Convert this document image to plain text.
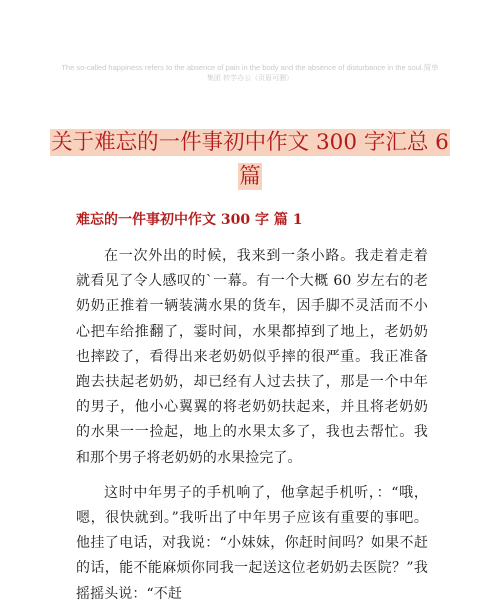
The so-called happiness refers to the absence of pain in the body and the absence of disturbance in the soul.简单
集团 转学办公（页眉可删）
关于难忘的一件事初中作文 300 字汇总 6
篇
难忘的一件事初中作文 300 字 篇 1

在一次外出的时候，我来到一条小路。我走着走着就看见了令人感叹的`一幕。有一个大概 60 岁左右的老奶奶正推着一辆装满水果的货车，因手脚不灵活而不小心把车给推翻了，霎时间，水果都掉到了地上，老奶奶也摔跤了，看得出来老奶奶似乎摔的很严重。我正准备跑去扶起老奶奶，却已经有人过去扶了，那是一个中年的男子，他小心翼翼的将老奶奶扶起来，并且将老奶奶的水果一一捡起，地上的水果太多了，我也去帮忙。我和那个男子将老奶奶的水果捡完了。

这时中年男子的手机响了，他拿起手机听，：“哦，嗯，很快就到。”我听出了中年男子应该有重要的事吧。他挂了电话，对我说：“小妹妹，你赶时间吗？如果不赶的话，能不能麻烦你同我一起送这位老奶奶去医院？”我摇摇头说：“不赶
